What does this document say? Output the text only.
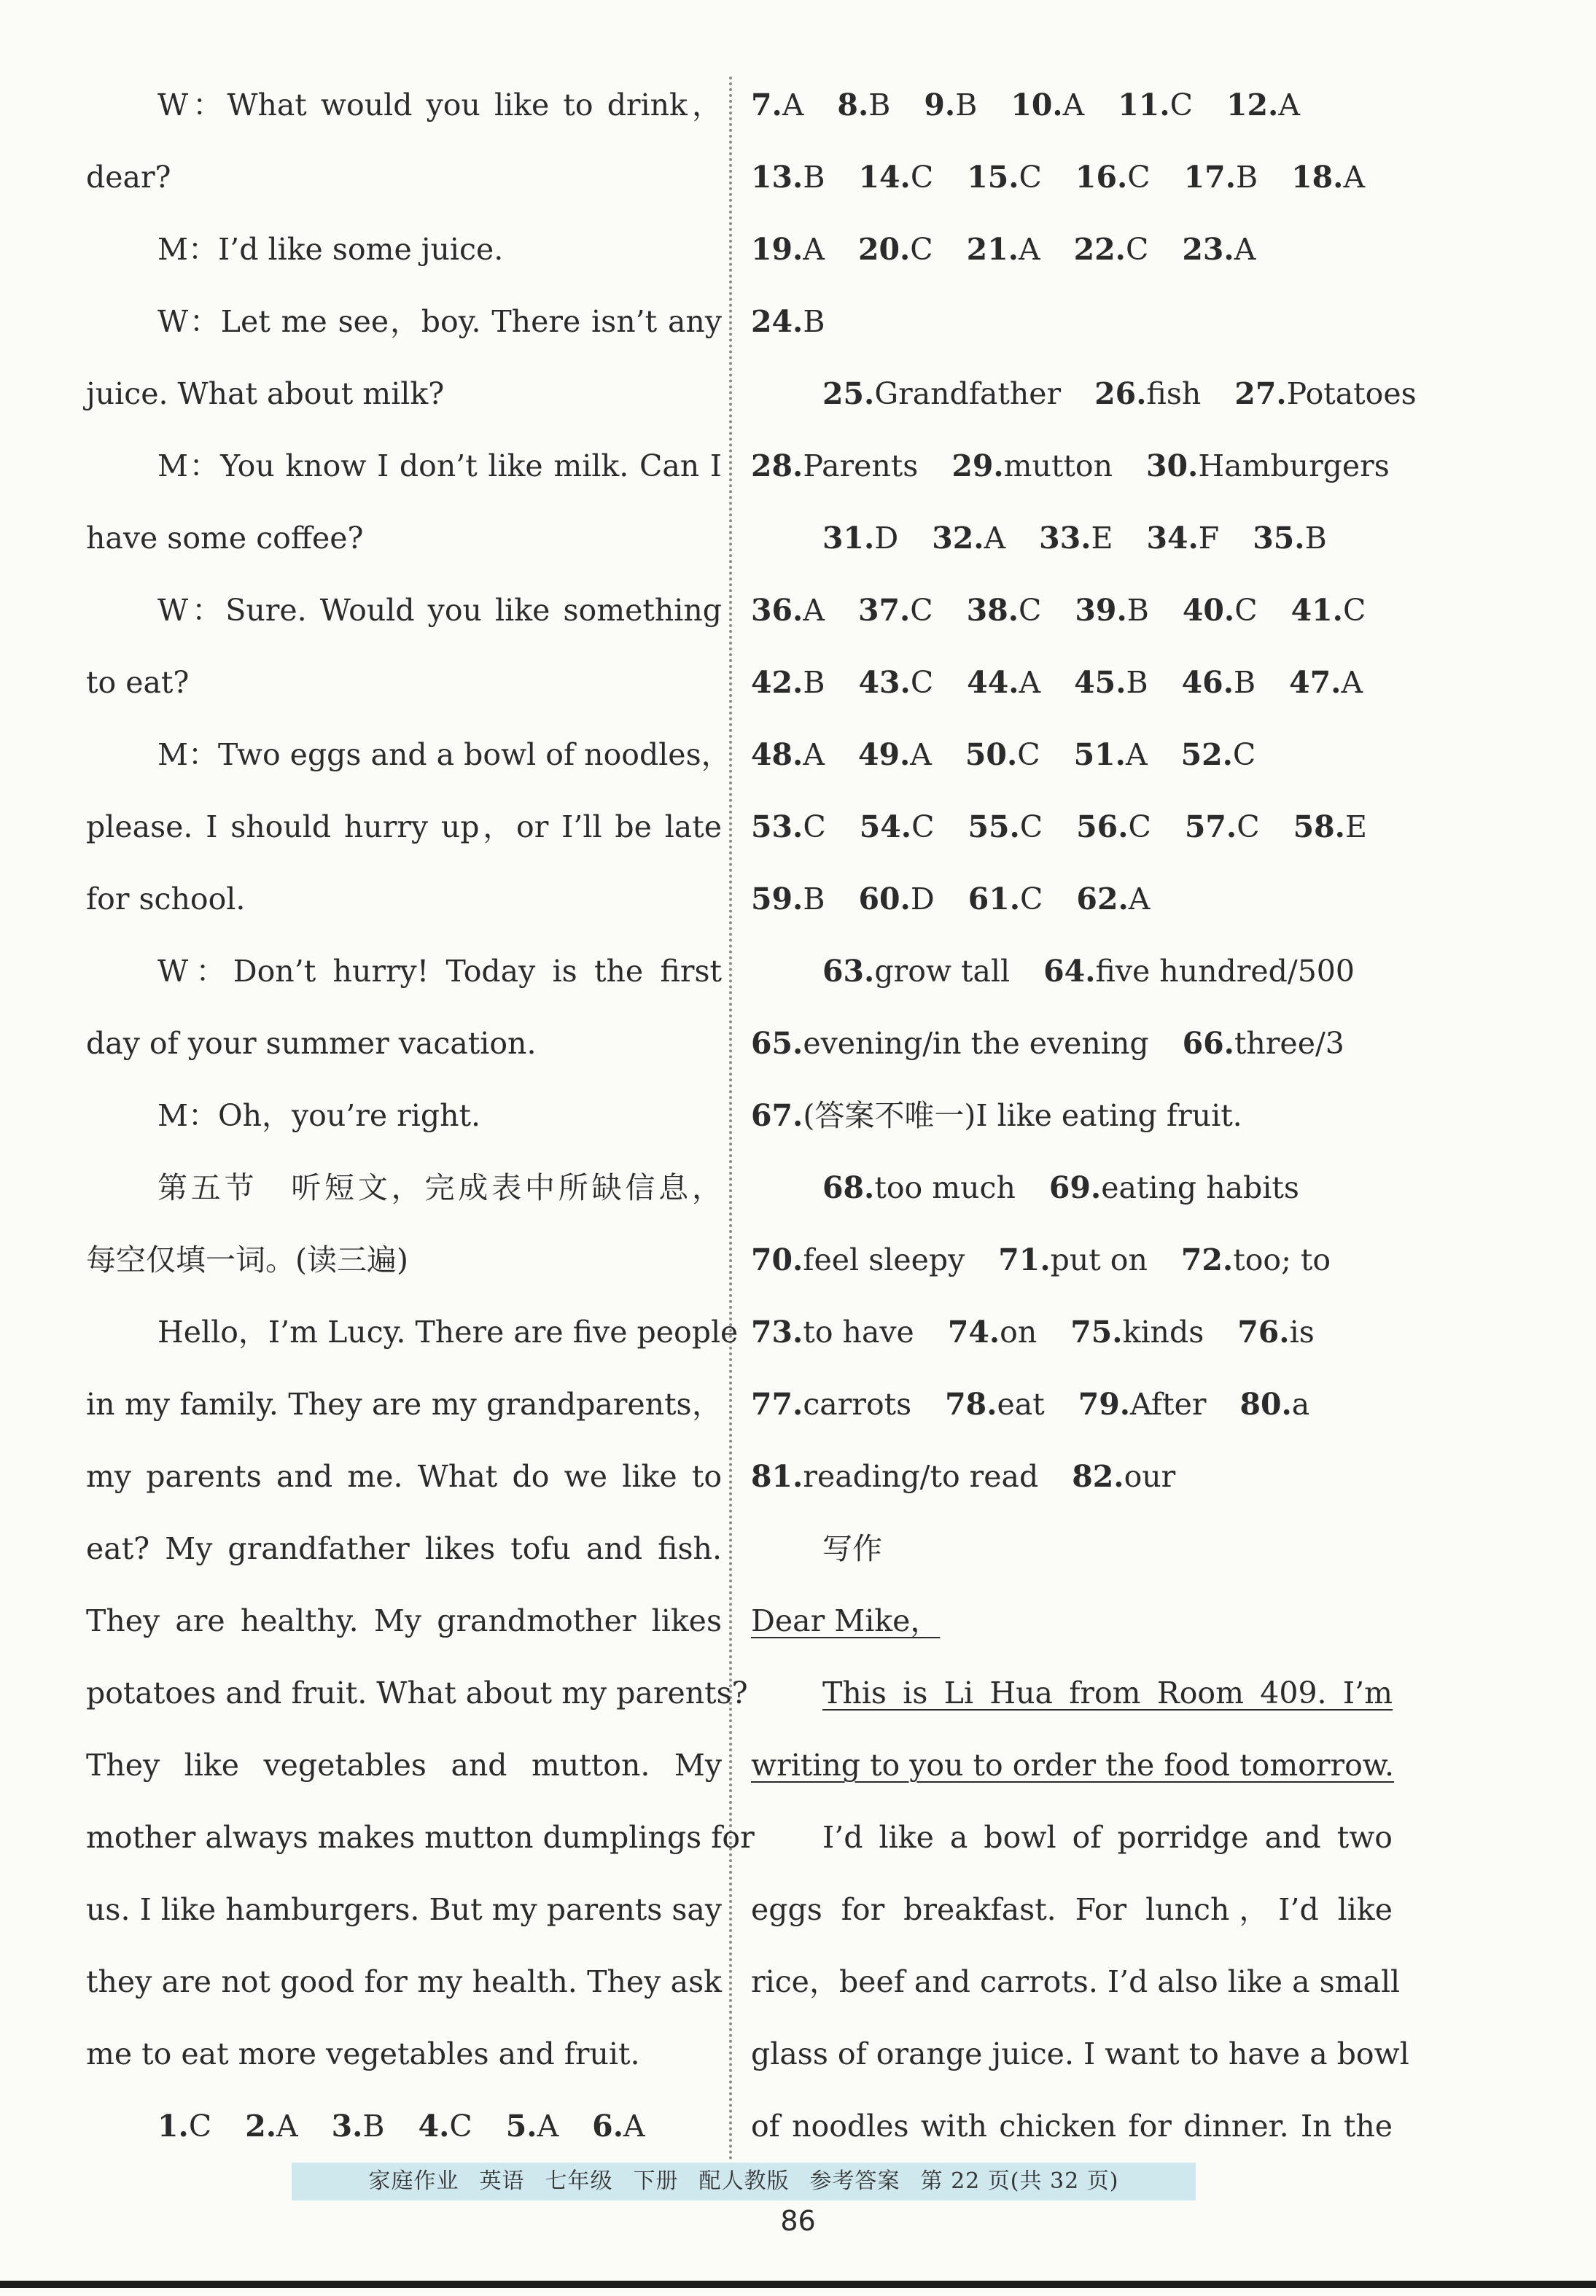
W：What would you like to drink，
dear?
M：I’d like some juice.
W：Let me see，boy. There isn’t any
juice. What about milk?
M：You know I don’t like milk. Can I
have some coffee?
W：Sure. Would you like something
to eat?
M：Two eggs and a bowl of noodles，
please. I should hurry up，or I’ll be late
for school.
W：Don’t hurry! Today is the first
day of your summer vacation.
M：Oh，you’re right.
第五节　听短文，完成表中所缺信息，
每空仅填一词。(读三遍)
Hello，I’m Lucy. There are five people
in my family. They are my grandparents，
my parents and me. What do we like to
eat? My grandfather likes tofu and fish.
They are healthy. My grandmother likes
potatoes and fruit. What about my parents?
They like vegetables and mutton. My
mother always makes mutton dumplings for
us. I like hamburgers. But my parents say
they are not good for my health. They ask
me to eat more vegetables and fruit.
1.C 2.A 3.B 4.C 5.A 6.A
7.A 8.B 9.B 10.A 11.C 12.A
13.B 14.C 15.C 16.C 17.B 18.A
19.A 20.C 21.A 22.C 23.A
24.B
25.Grandfather 26.fish 27.Potatoes
28.Parents 29.mutton 30.Hamburgers
31.D 32.A 33.E 34.F 35.B
36.A 37.C 38.C 39.B 40.C 41.C
42.B 43.C 44.A 45.B 46.B 47.A
48.A 49.A 50.C 51.A 52.C
53.C 54.C 55.C 56.C 57.C 58.E
59.B 60.D 61.C 62.A
63.grow tall 64.five hundred/500
65.evening/in the evening 66.three/3
67.(答案不唯一)I like eating fruit.
68.too much 69.eating habits
70.feel sleepy 71.put on 72.too; to
73.to have 74.on 75.kinds 76.is
77.carrots 78.eat 79.After 80.a
81.reading/to read 82.our
写作
Dear Mike，
This is Li Hua from Room 409. I’m
writing to you to order the food tomorrow.
I’d like a bowl of porridge and two
eggs for breakfast. For lunch，I’d like
rice，beef and carrots. I’d also like a small
glass of orange juice. I want to have a bowl
of noodles with chicken for dinner. In the
家庭作业 英语 七年级 下册 配人教版 参考答案 第 22 页(共 32 页)
86
